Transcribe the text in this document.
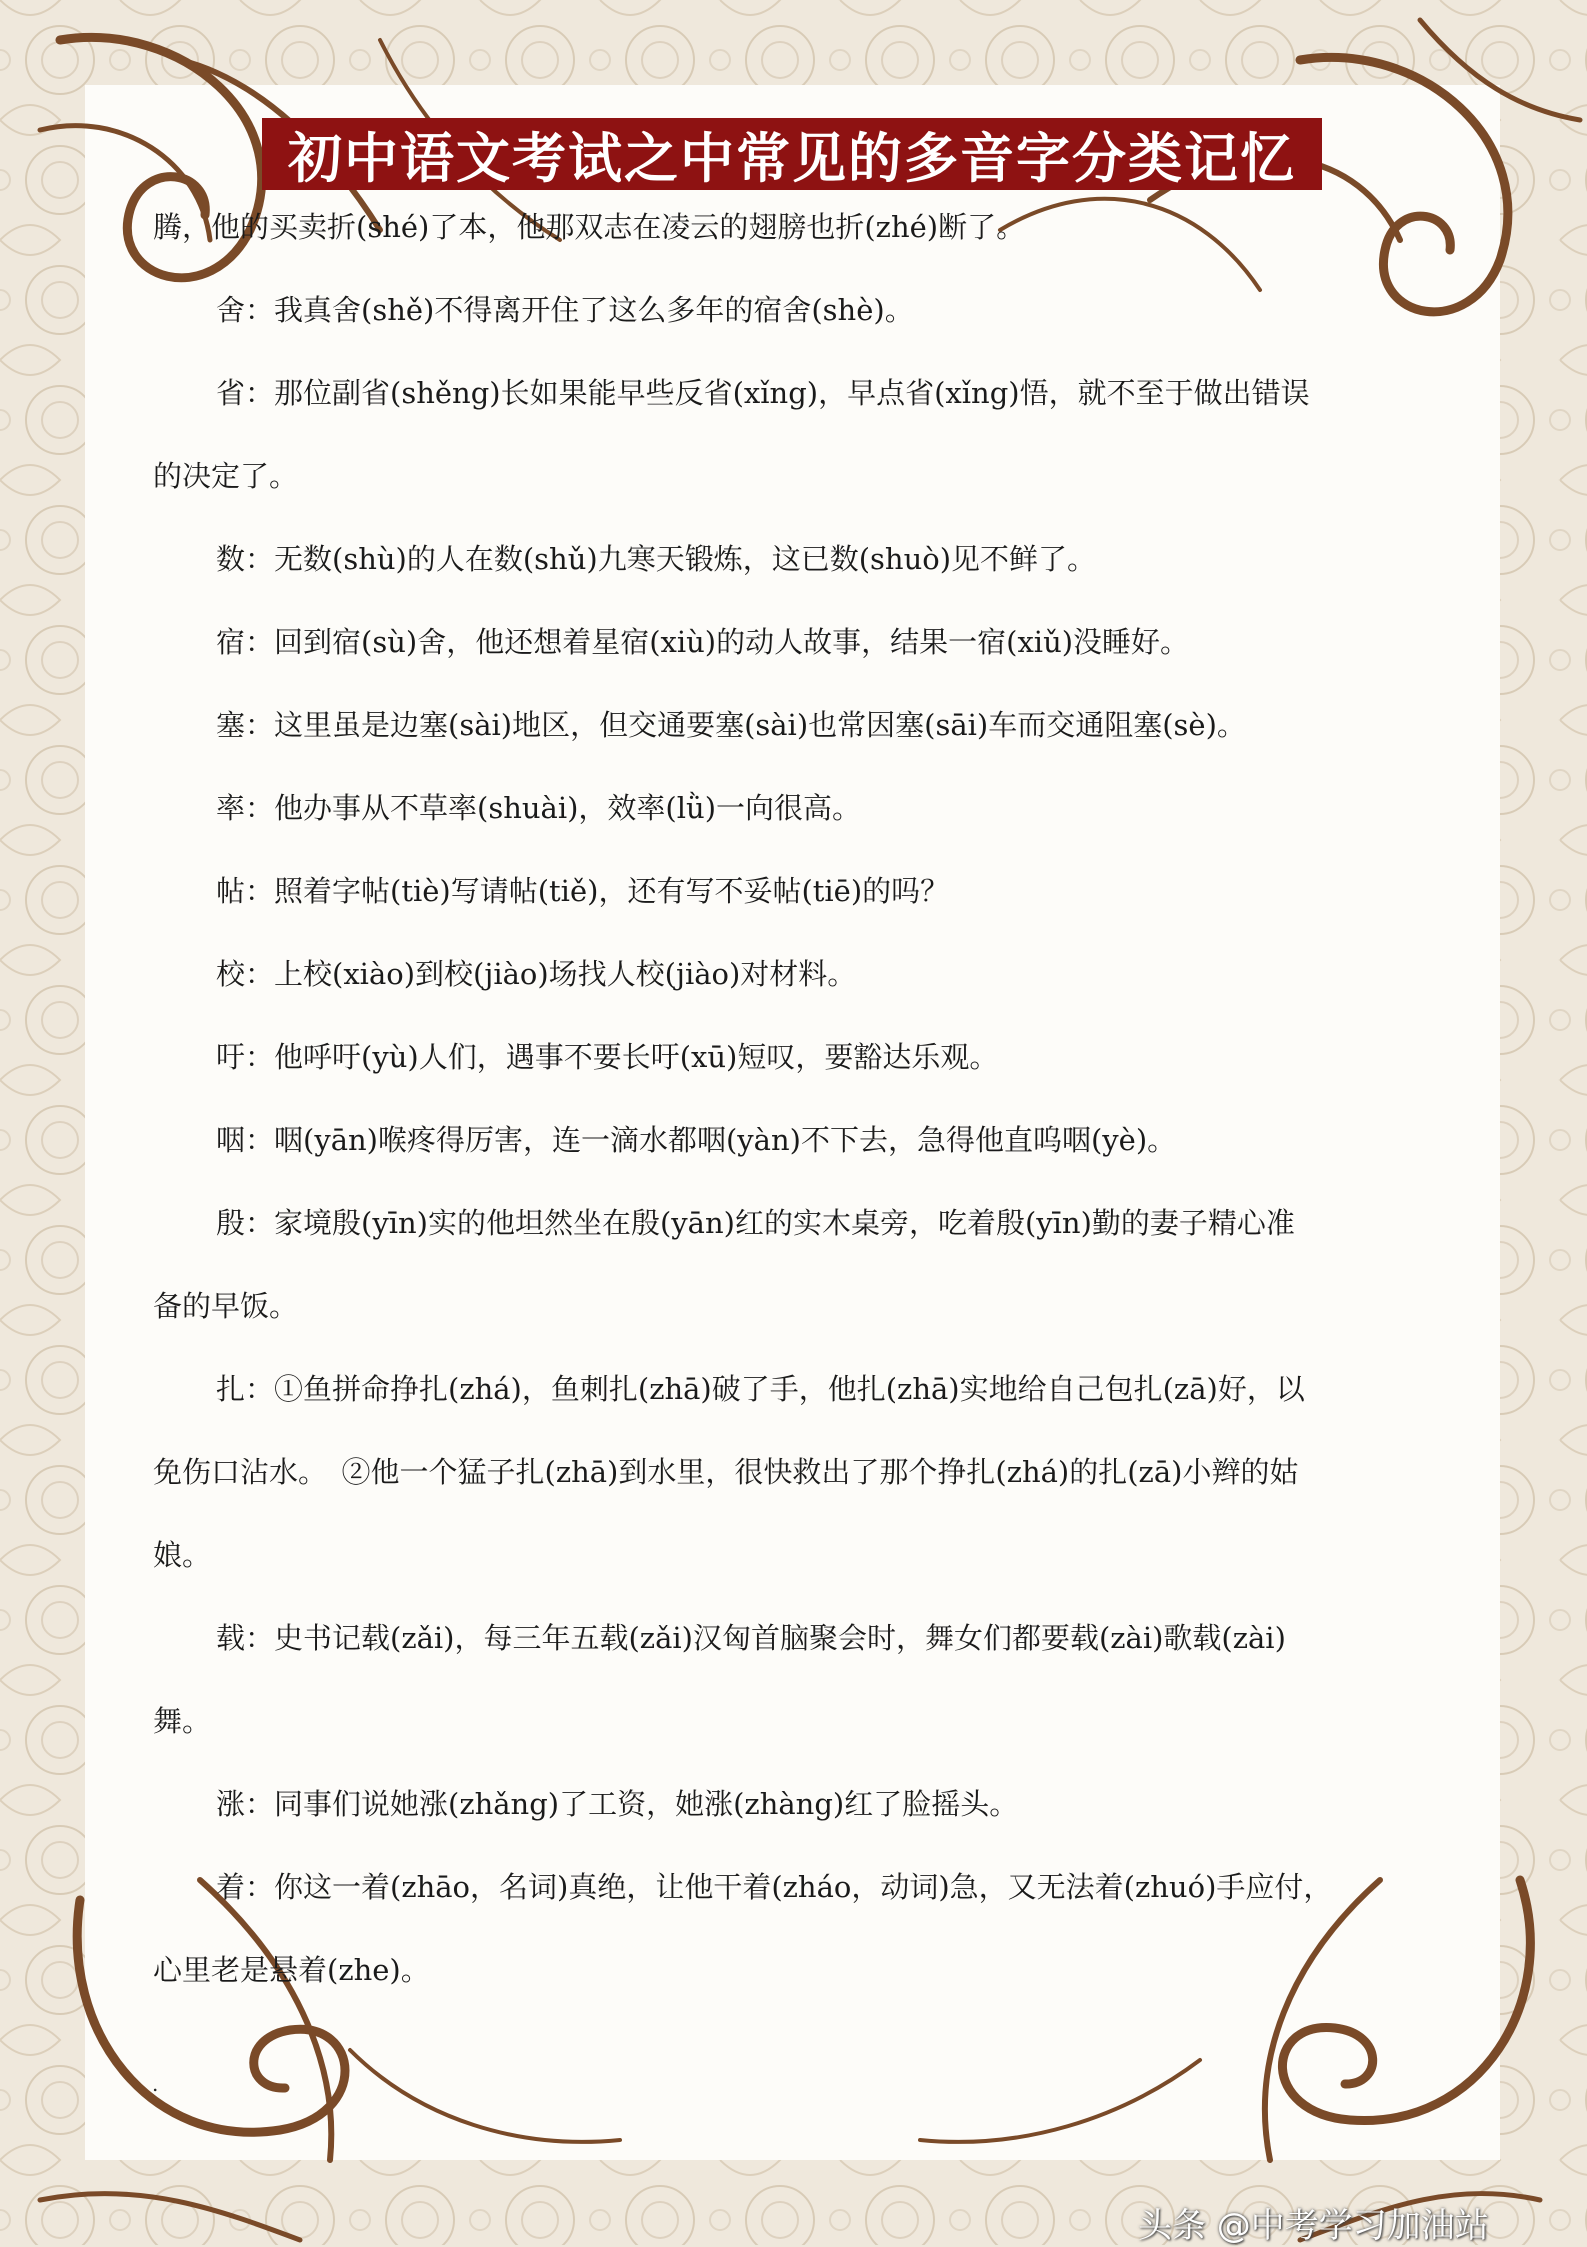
初中语文考试之中常见的多音字分类记忆
腾，他的买卖折(shé)了本，他那双志在凌云的翅膀也折(zhé)断了。
舍：我真舍(shě)不得离开住了这么多年的宿舍(shè)。
省：那位副省(shěng)长如果能早些反省(xǐng)，早点省(xǐng)悟，就不至于做出错误
的决定了。
数：无数(shù)的人在数(shǔ)九寒天锻炼，这已数(shuò)见不鲜了。
宿：回到宿(sù)舍，他还想着星宿(xiù)的动人故事，结果一宿(xiǔ)没睡好。
塞：这里虽是边塞(sài)地区，但交通要塞(sài)也常因塞(sāi)车而交通阻塞(sè)。
率：他办事从不草率(shuài)，效率(lǜ)一向很高。
帖：照着字帖(tiè)写请帖(tiě)，还有写不妥帖(tiē)的吗？
校：上校(xiào)到校(jiào)场找人校(jiào)对材料。
吁：他呼吁(yù)人们，遇事不要长吁(xū)短叹，要豁达乐观。
咽：咽(yān)喉疼得厉害，连一滴水都咽(yàn)不下去，急得他直呜咽(yè)。
殷：家境殷(yīn)实的他坦然坐在殷(yān)红的实木桌旁，吃着殷(yīn)勤的妻子精心准
备的早饭。
扎：①鱼拼命挣扎(zhá)，鱼刺扎(zhā)破了手，他扎(zhā)实地给自己包扎(zā)好，以
免伤口沾水。　②他一个猛子扎(zhā)到水里，很快救出了那个挣扎(zhá)的扎(zā)小辫的姑
娘。
载：史书记载(zǎi)，每三年五载(zǎi)汉匈首脑聚会时，舞女们都要载(zài)歌载(zài)
舞。
涨：同事们说她涨(zhǎng)了工资，她涨(zhàng)红了脸摇头。
着：你这一着(zhāo，名词)真绝，让他干着(zháo，动词)急，又无法着(zhuó)手应付，
心里老是悬着(zhe)。
.
头条 @中考学习加油站
